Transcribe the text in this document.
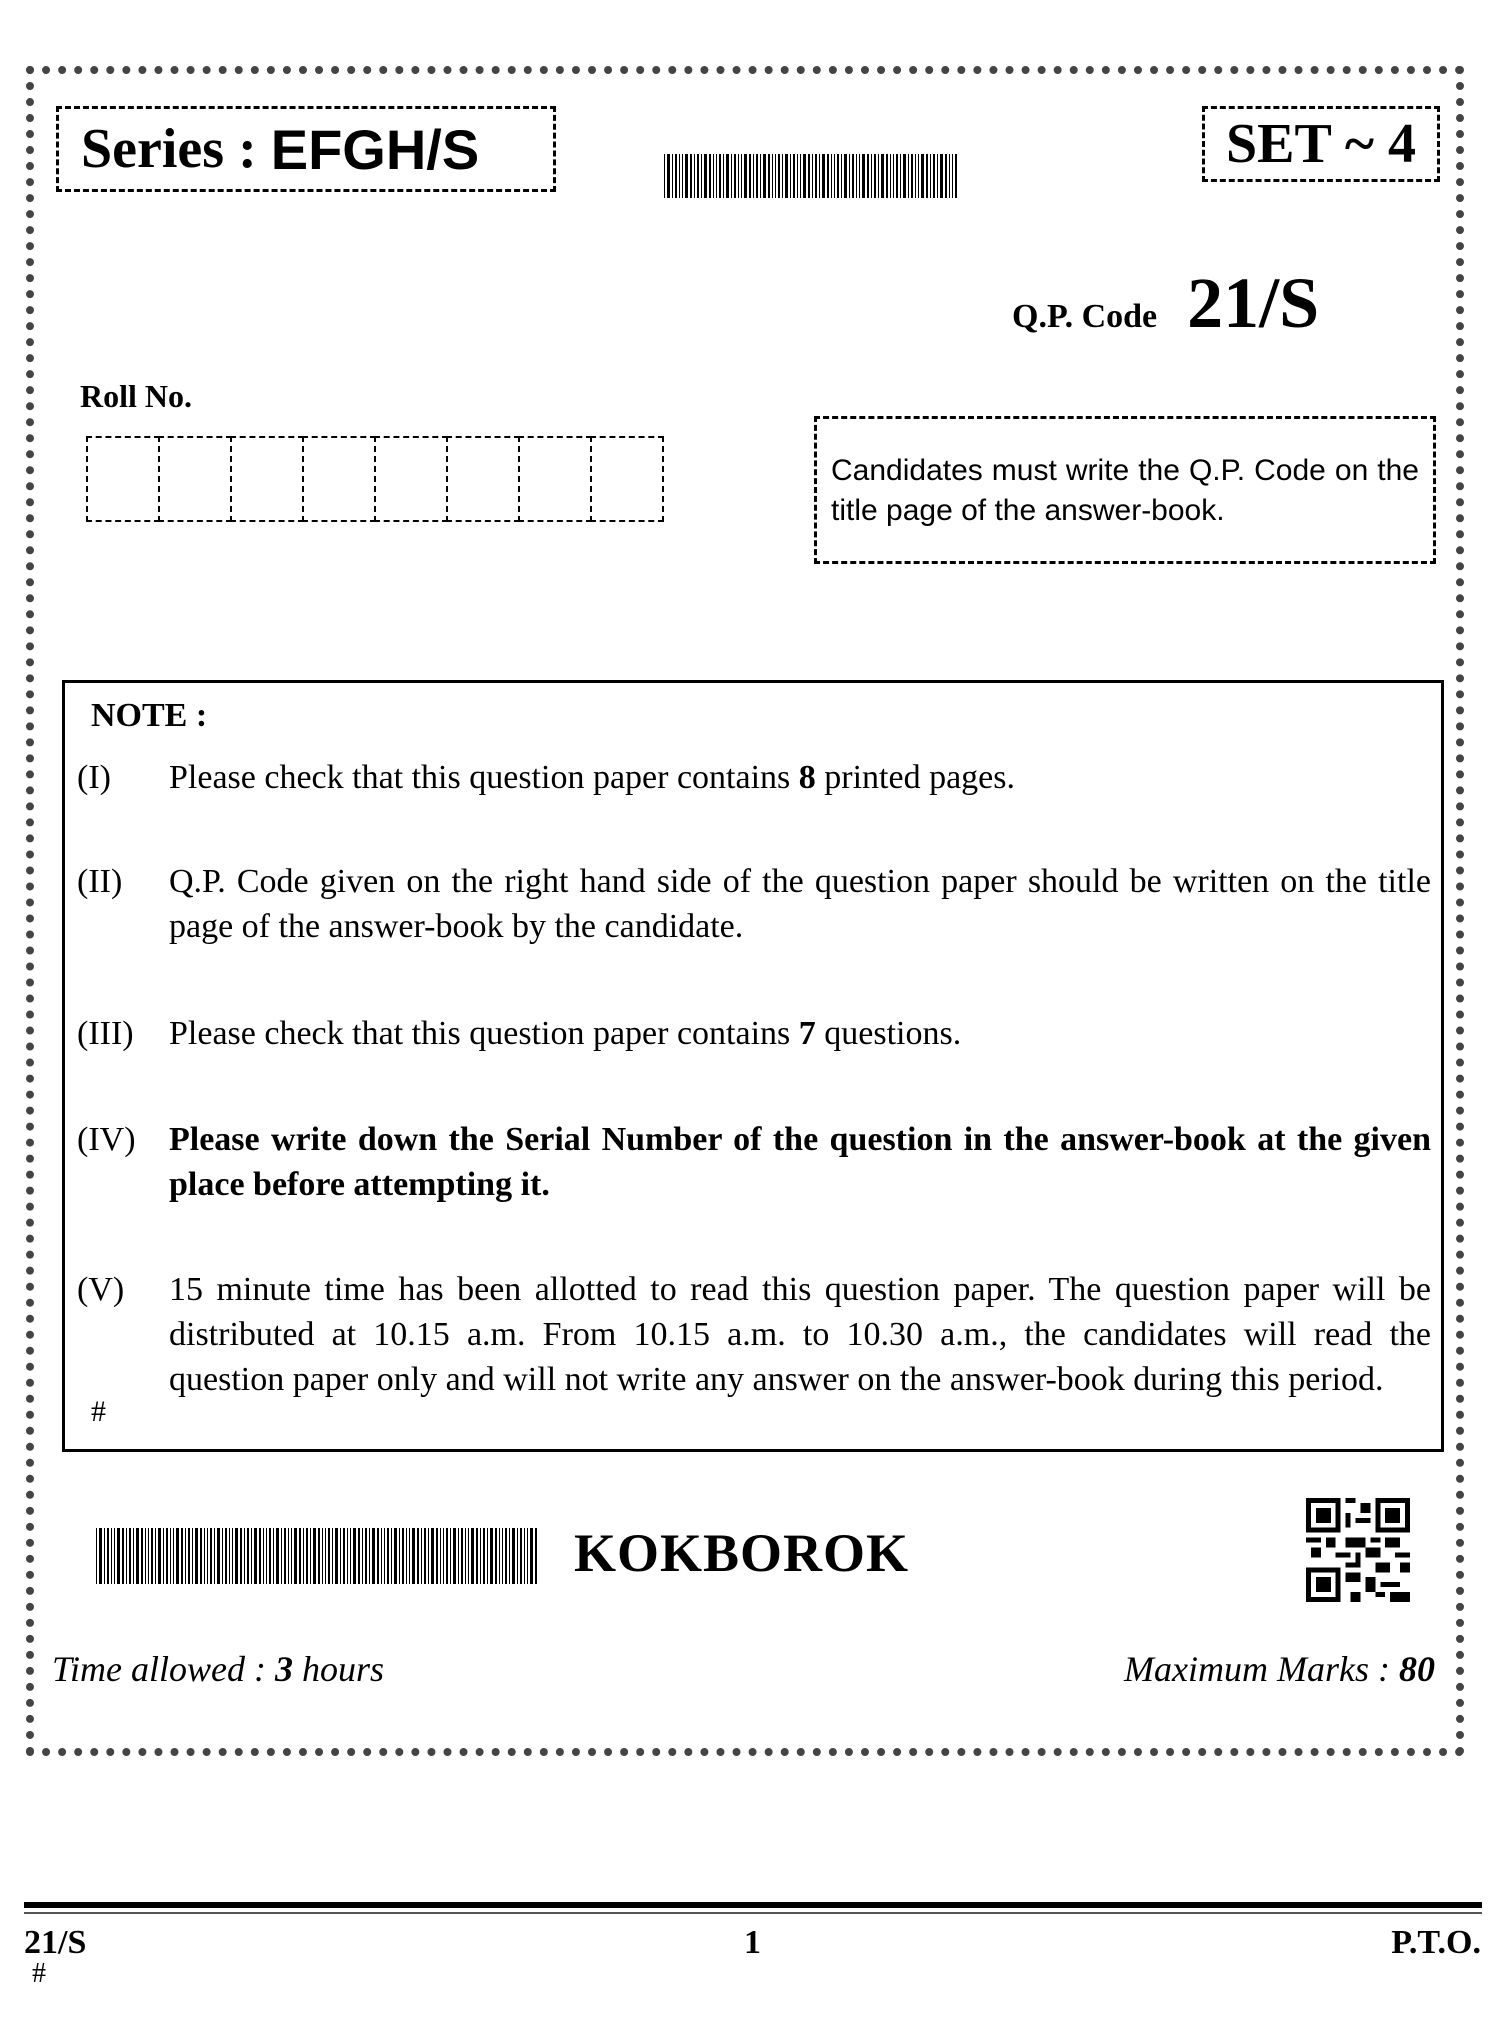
Series : EFGH/S	SET ~ 4
Q.P. Code 21/S
Roll No.
Candidates must write the Q.P. Code on the title page of the answer-book.
NOTE :
(I)	Please check that this question paper contains 8 printed pages.
(II)	Q.P. Code given on the right hand side of the question paper should be written on the title page of the answer-book by the candidate.
(III)	Please check that this question paper contains 7 questions.
(IV) Please write down the Serial Number of the question in the answer-book at the given place before attempting it.
(V)	15 minute time has been allotted to read this question paper. The question paper will be distributed at 10.15 a.m. From 10.15 a.m. to 10.30 a.m., the candidates will read the question paper only and will not write any answer on the answer-book during this period.
#
KOKBOROK
Time allowed : 3 hours	Maximum Marks : 80
21/S
#
1	P.T.O.
